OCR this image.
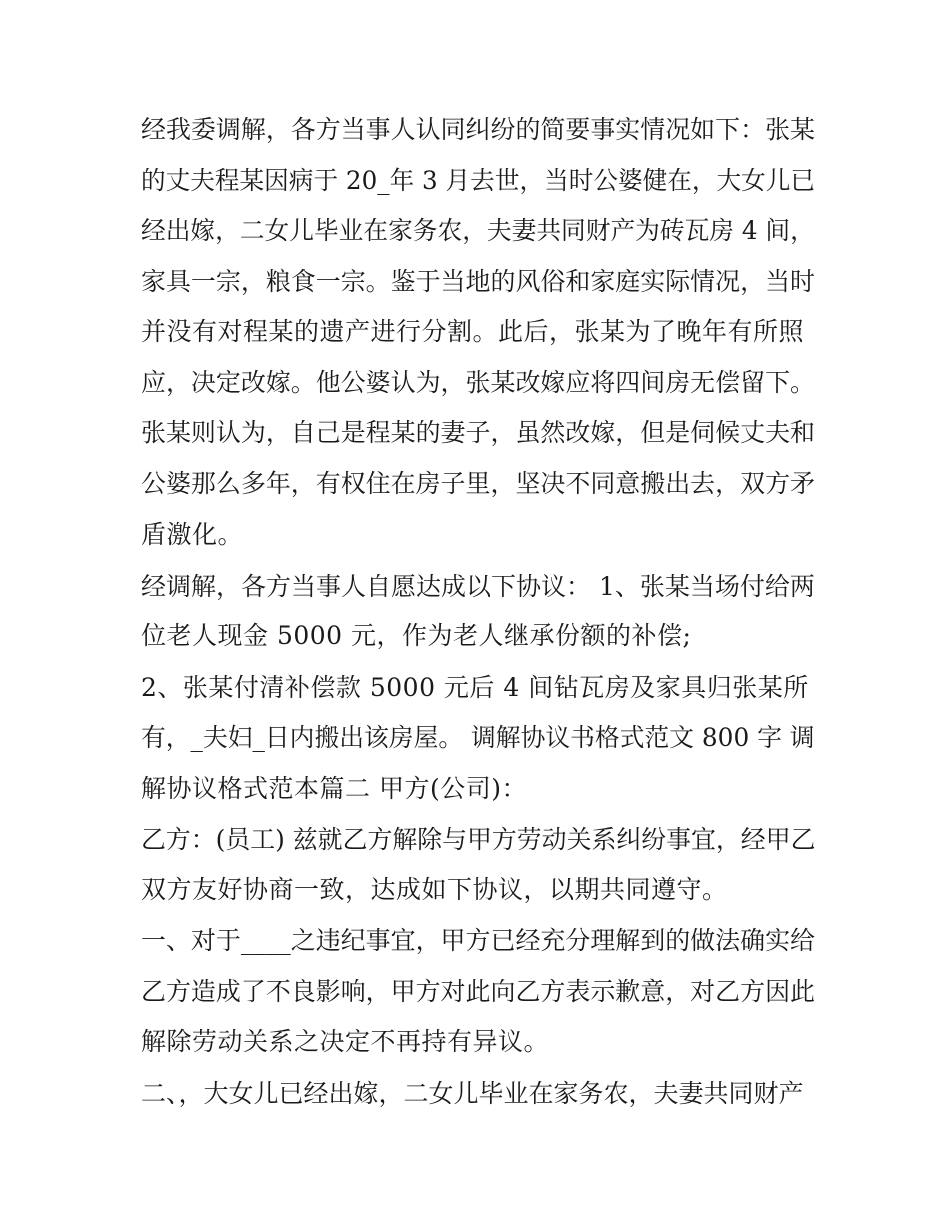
经我委调解，各方当事人认同纠纷的简要事实情况如下：张某
的丈夫程某因病于 20_年 3 月去世，当时公婆健在，大女儿已
经出嫁，二女儿毕业在家务农，夫妻共同财产为砖瓦房 4 间，
家具一宗，粮食一宗。鉴于当地的风俗和家庭实际情况，当时
并没有对程某的遗产进行分割。此后，张某为了晚年有所照
应，决定改嫁。他公婆认为，张某改嫁应将四间房无偿留下。
张某则认为，自己是程某的妻子，虽然改嫁，但是伺候丈夫和
公婆那么多年，有权住在房子里，坚决不同意搬出去，双方矛
盾激化。
经调解，各方当事人自愿达成以下协议： 1、张某当场付给两
位老人现金 5000 元，作为老人继承份额的补偿;
2、张某付清补偿款 5000 元后 4 间钻瓦房及家具归张某所
有，_夫妇_日内搬出该房屋。 调解协议书格式范文 800 字 调
解协议格式范本篇二 甲方(公司)：
乙方：(员工) 兹就乙方解除与甲方劳动关系纠纷事宜，经甲乙
双方友好协商一致，达成如下协议，以期共同遵守。
一、对于____之违纪事宜，甲方已经充分理解到的做法确实给
乙方造成了不良影响，甲方对此向乙方表示歉意，对乙方因此
解除劳动关系之决定不再持有异议。
二、，大女儿已经出嫁，二女儿毕业在家务农，夫妻共同财产
